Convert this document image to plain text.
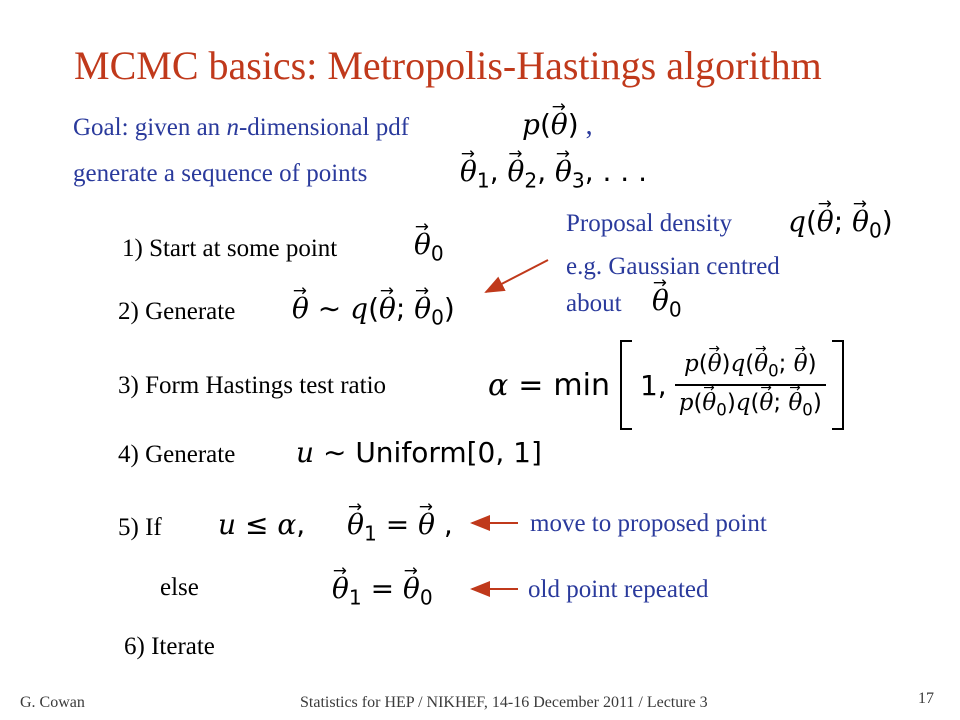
MCMC basics: Metropolis-Hastings algorithm
Goal: given an n-dimensional pdf	p(→ θ) ,
generate a sequence of points	→ $\theta_1$, → $\theta_2$, → $\theta_3$, . . .
Proposal density q(→ θ; → $\theta_0$)
e.g. Gaussian centred
about → $\theta_0$
1) Start at some point	→ $\theta_0$
2) Generate → θ ∼ q(→ θ; → $\theta_0$)
3) Form Hastings test ratio	α = min 1, $\frac{p(\to \theta)q(\to \theta_0; \to \theta)}{p(\to \theta_0)q(\to \theta; \to \theta_0)}$
4) Generate u ∼ Uniform[0, 1]
5) If u ≤ α, → $\theta_1$ = → θ ,
else	→ $\theta_1$ = → $\theta_0$
6) Iterate
move to proposed point
old point repeated
G. Cowan	Statistics for HEP / NIKHEF, 14-16 December 2011 / Lecture 3	17
